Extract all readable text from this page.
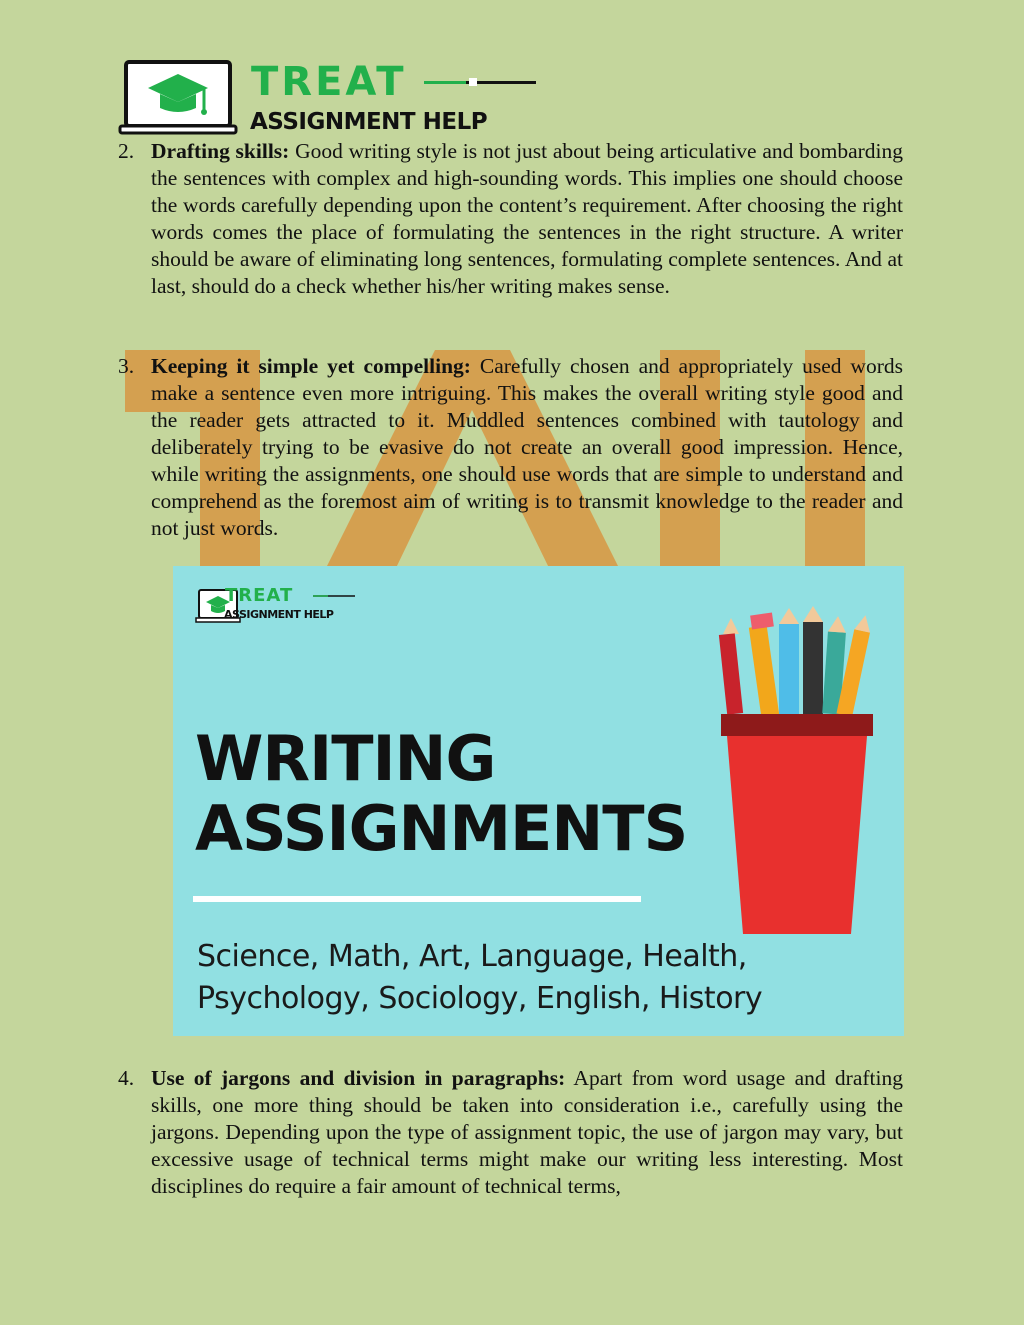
TREAT
ASSIGNMENT HELP
2. Drafting skills: Good writing style is not just about being articulative and bombarding the sentences with complex and high-sounding words. This implies one should choose the words carefully depending upon the content’s requirement. After choosing the right words comes the place of formulating the sentences in the right structure. A writer should be aware of eliminating long sentences, formulating complete sentences. And at last, should do a check whether his/her writing makes sense.
3. Keeping it simple yet compelling: Carefully chosen and appropriately used words make a sentence even more intriguing. This makes the overall writing style good and the reader gets attracted to it. Muddled sentences combined with tautology and deliberately trying to be evasive do not create an overall good impression. Hence, while writing the assignments, one should use words that are simple to understand and comprehend as the foremost aim of writing is to transmit knowledge to the reader and not just words.
TREAT
ASSIGNMENT HELP
WRITING
ASSIGNMENTS
Science, Math, Art, Language, Health,
Psychology, Sociology, English, History
4. Use of jargons and division in paragraphs: Apart from word usage and drafting skills, one more thing should be taken into consideration i.e., carefully using the jargons. Depending upon the type of assignment topic, the use of jargon may vary, but excessive usage of technical terms might make our writing less interesting. Most disciplines do require a fair amount of technical terms,
